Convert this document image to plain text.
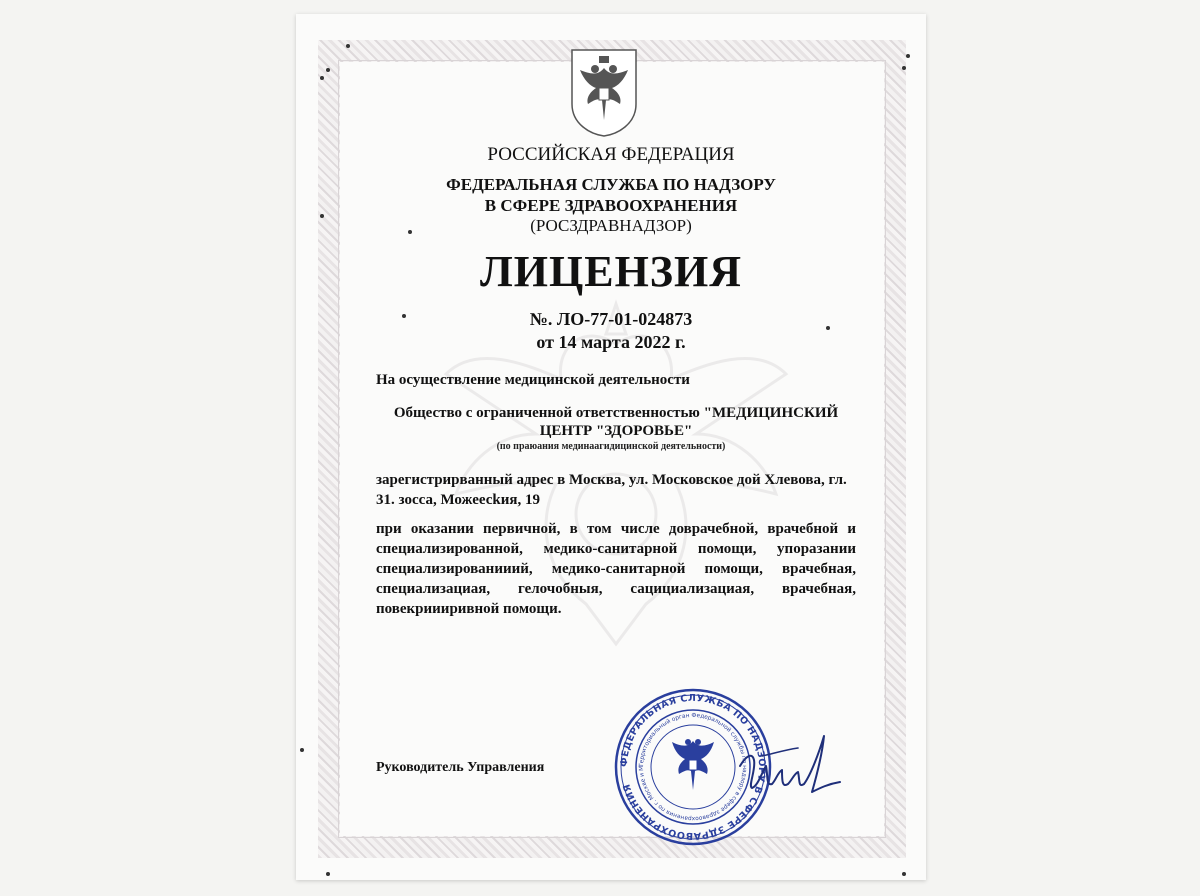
РОССИЙСКАЯ ФЕДЕРАЦИЯ
ФЕДЕРАЛЬНАЯ СЛУЖБА ПО НАДЗОРУ
В СФЕРЕ ЗДРАВООХРАНЕНИЯ
(РОСЗДРАВНАДЗОР)
ЛИЦЕНЗИЯ
№. ЛО-77-01-024873
от 14 марта 2022 г.
На осуществление медицинской деятельности
Общество с ограниченной ответственностью "МЕДИЦИНСКИЙ
ЦЕНТР "ЗДОРОВЬЕ"
(по праюания мединаагидицинской деятельности)
зарегистрирванный адрес в Москва, ул. Московское дой Хлевова, гл. 31. зосса, Можеесkия, 19
при оказании первичной, в том числе доврачебной, врачебной и специализированной, медико-санитарной помощи, упоразании специализированииий, медико-санитарной помощи, врачебная, специализациая, гелочобныя, сацициализациая, врачебная, повекриииривной помощи.
Руководитель Управления	ФЕДЕРАЛЬНАЯ СЛУЖБА ПО НАДЗОРУ В СФЕРЕ ЗДРАВООХРАНЕНИЯ
Территориальный орган Федеральной службы по надзору в сфере здравоохранения по г. Москве и М
